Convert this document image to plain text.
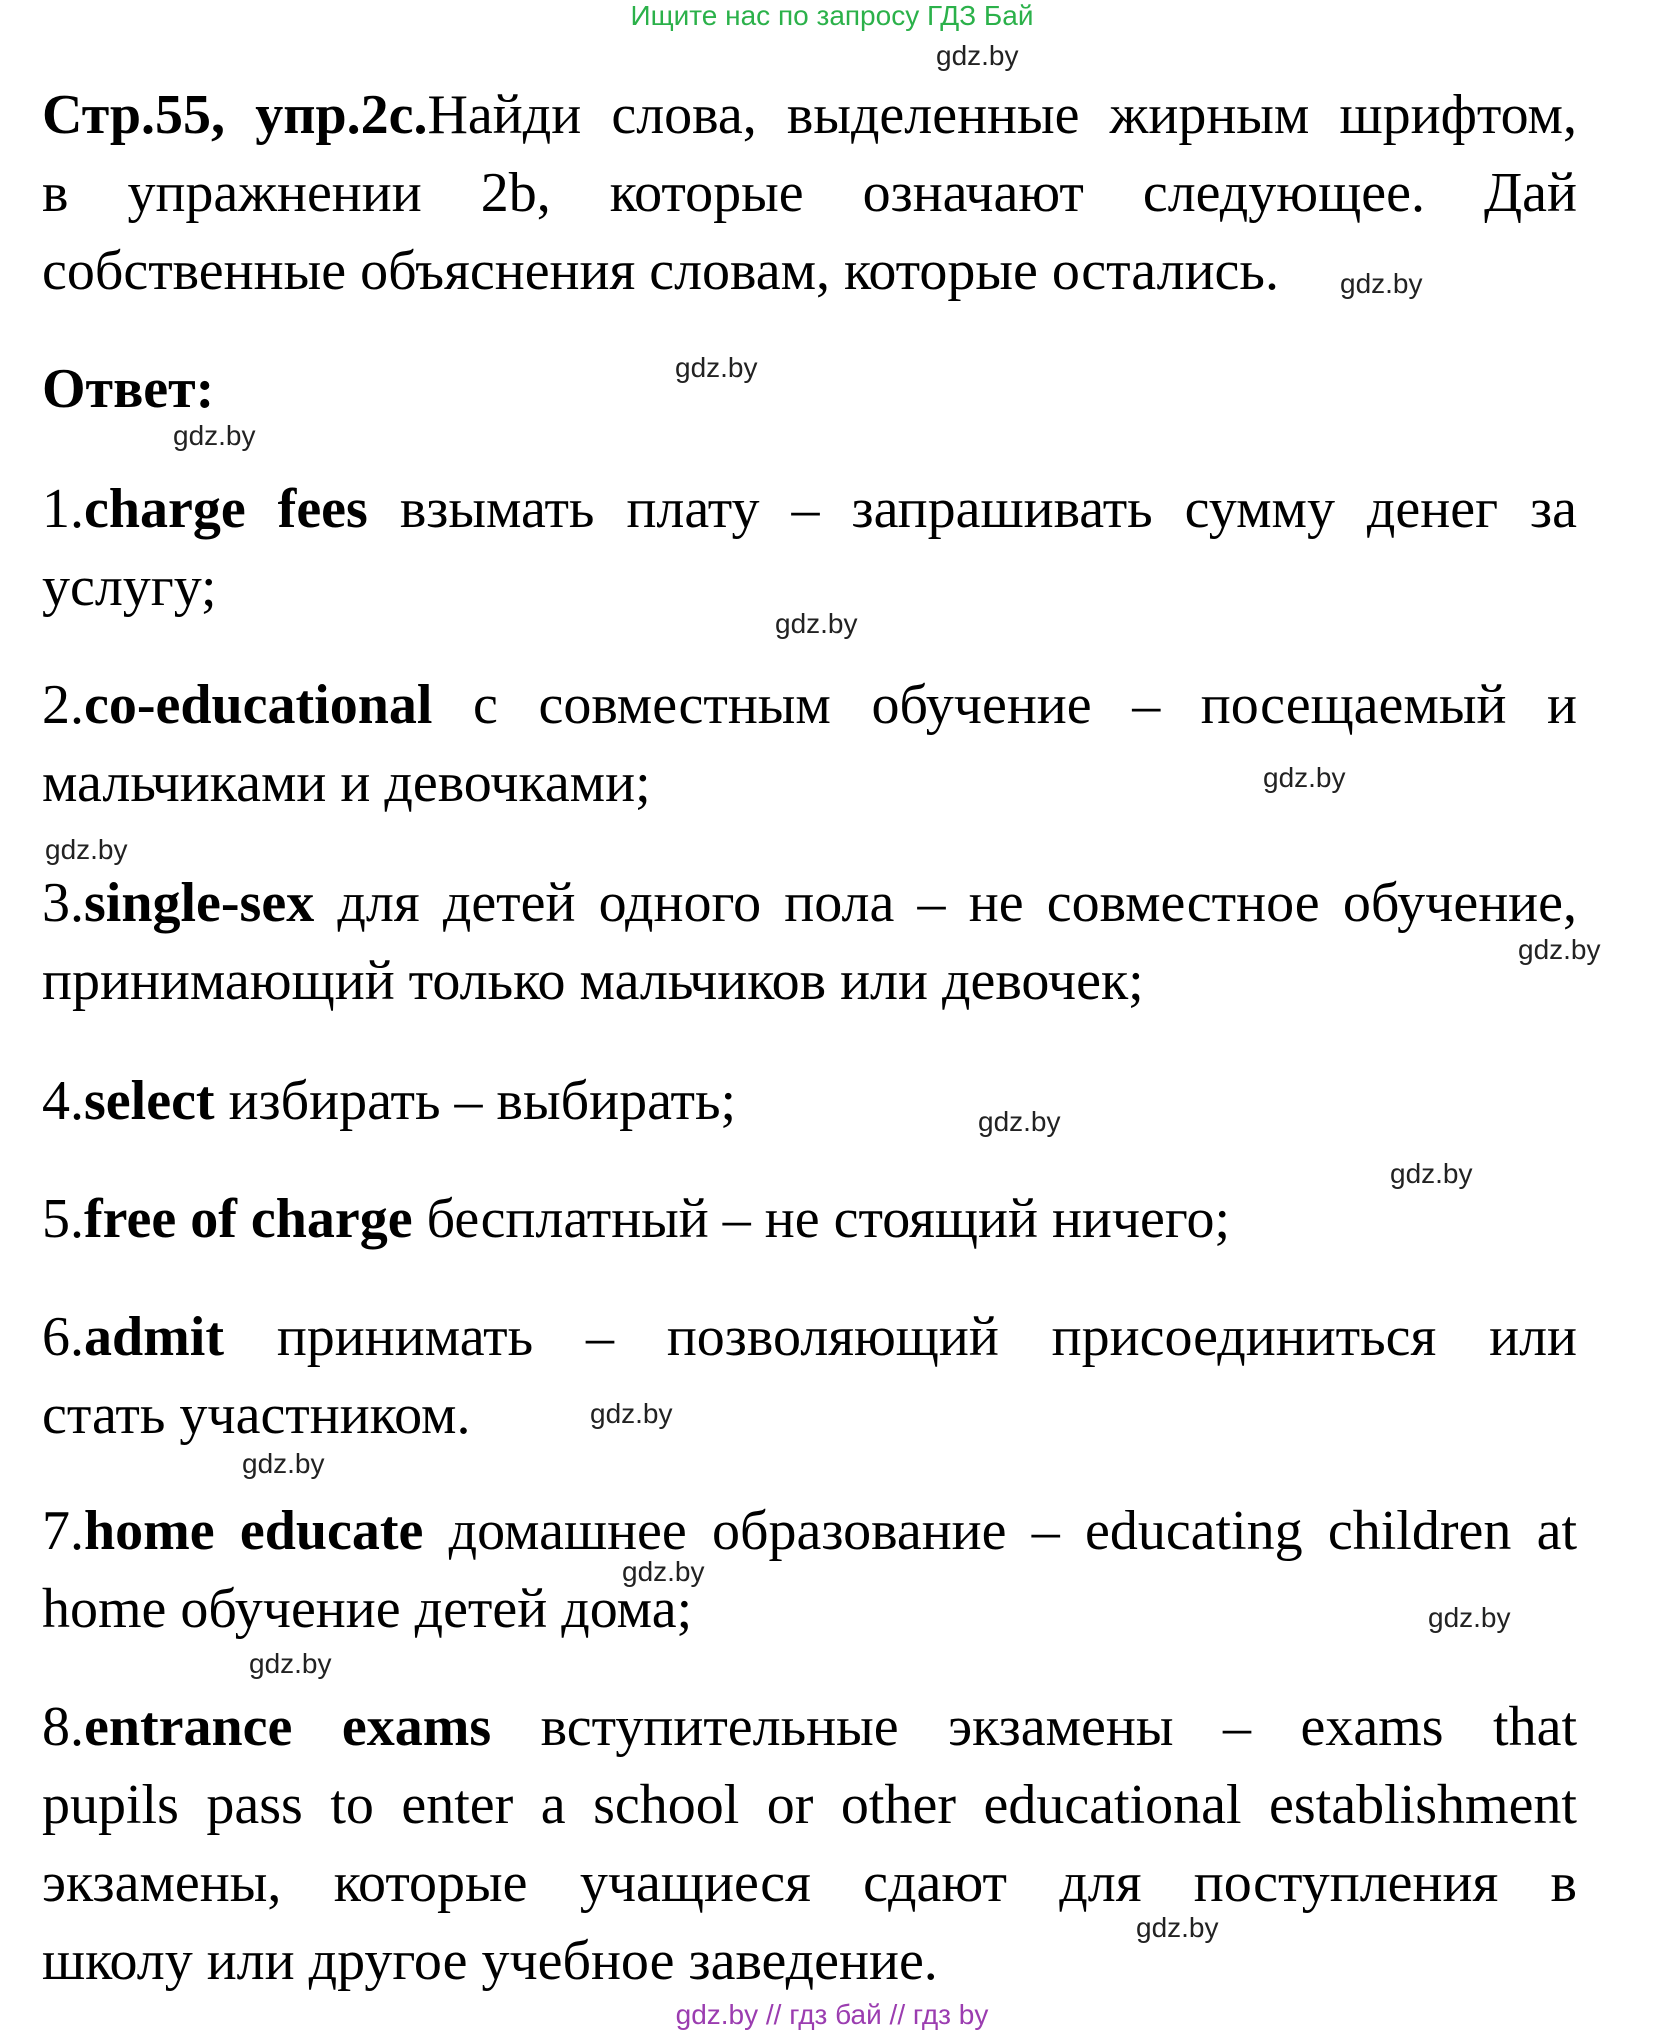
Ищите нас по запросу ГДЗ Бай
gdz.by
gdz.by
gdz.by
gdz.by
gdz.by
gdz.by
gdz.by
gdz.by
gdz.by
gdz.by
gdz.by
gdz.by
gdz.by
gdz.by
gdz.by
gdz.by
Стр.55, упр.2с.Найди слова, выделенные жирным шрифтом,
в упражнении 2b, которые означают следующее. Дай
собственные объяснения словам, которые остались.
Ответ:
1.charge fees взымать плату – запрашивать сумму денег за
услугу;
2.co-educational с совместным обучение – посещаемый и
мальчиками и девочками;
3.single-sex для детей одного пола – не совместное обучение,
принимающий только мальчиков или девочек;
4.select избирать – выбирать;
5.free of charge бесплатный – не стоящий ничего;
6.admit принимать – позволяющий присоединиться или
стать участником.
7.home educate домашнее образование – educating children at
home обучение детей дома;
8.entrance exams вступительные экзамены – exams that
pupils pass to enter a school or other educational establishment
экзамены, которые учащиеся сдают для поступления в
школу или другое учебное заведение.
gdz.by // гдз бай // гдз by
